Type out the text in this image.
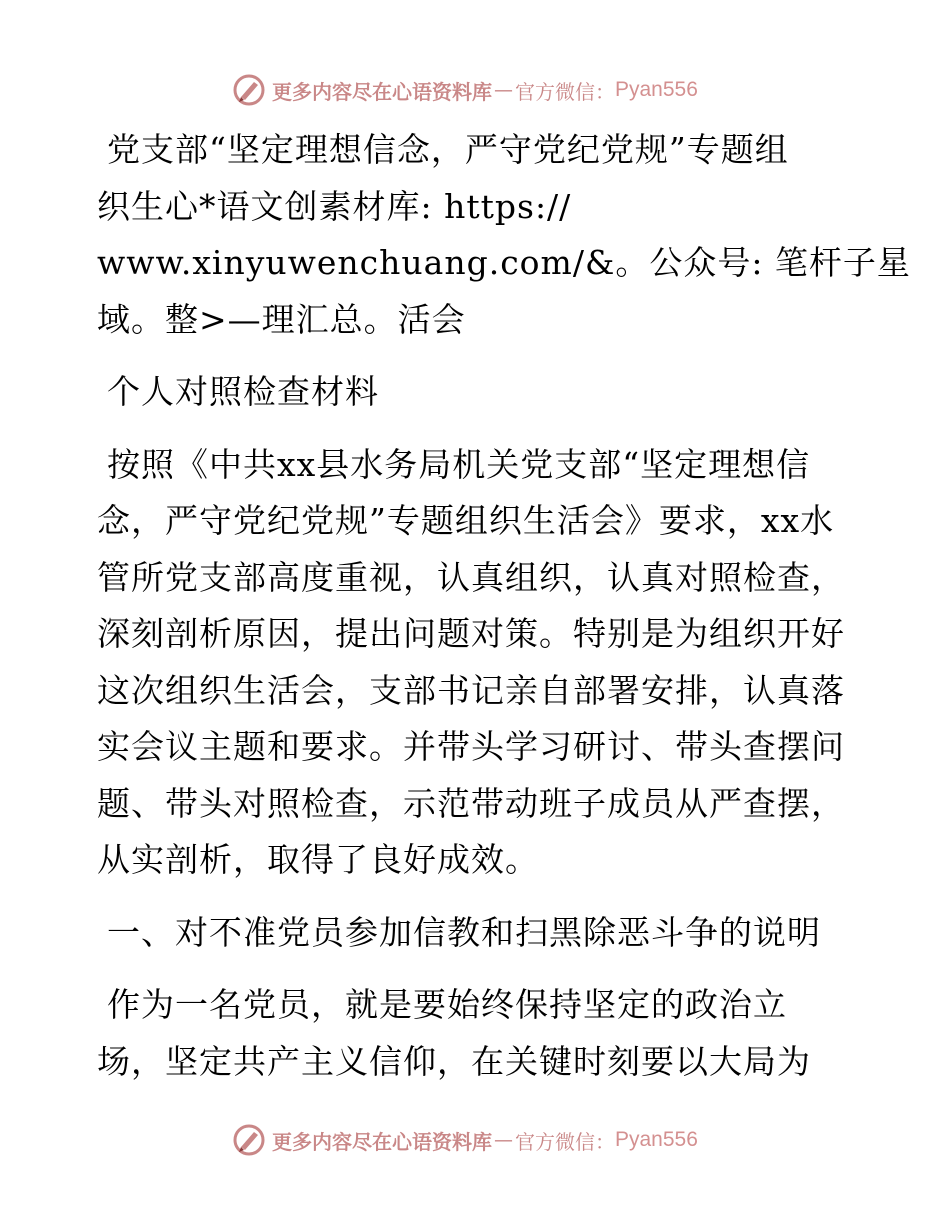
更多内容尽在心语资料库 — 官方微信： Pyan556
党支部“坚定理想信念，严守党纪党规”专题组
织生心*语文创素材库: https://
www.xinyuwenchuang.com/&。公众号: 笔杆子星
域。整>—理汇总。活会
个人对照检查材料
按照《中共xx县水务局机关党支部“坚定理想信
念，严守党纪党规”专题组织生活会》要求，xx水
管所党支部高度重视，认真组织，认真对照检查，
深刻剖析原因，提出问题对策。特别是为组织开好
这次组织生活会，支部书记亲自部署安排，认真落
实会议主题和要求。并带头学习研讨、带头查摆问
题、带头对照检查，示范带动班子成员从严查摆，
从实剖析，取得了良好成效。
一、对不准党员参加信教和扫黑除恶斗争的说明
作为一名党员，就是要始终保持坚定的政治立
场，坚定共产主义信仰，在关键时刻要以大局为
更多内容尽在心语资料库 — 官方微信： Pyan556
